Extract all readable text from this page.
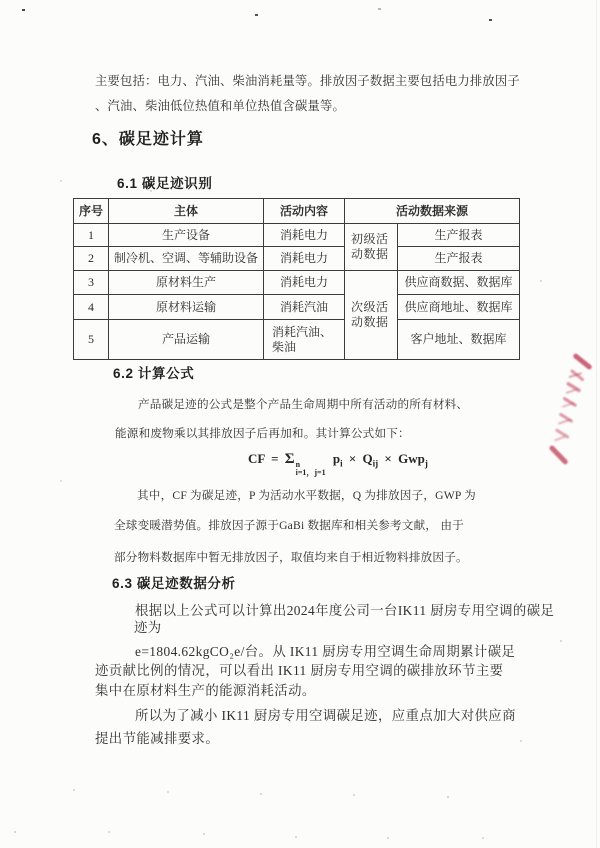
主要包括：电力、汽油、柴油消耗量等。排放因子数据主要包括电力排放因子
、汽油、柴油低位热值和单位热值含碳量等。
6、碳足迹计算
6.1 碳足迹识别
序号	主体	活动内容	活动数据来源	
1	生产设备	消耗电力	初级活动数据	生产报表
2	制冷机、空调、等辅助设备	消耗电力		生产报表
3	原材料生产	消耗电力	次级活动数据	供应商数据、数据库
4	原材料运输	消耗汽油		供应商地址、数据库
5	产品运输	消耗汽油、柴油		客户地址、数据库
6.2 计算公式
产品碳足迹的公式是整个产品生命周期中所有活动的所有材料、
能源和废物乘以其排放因子后再加和。其计算公式如下：
CF = Σ n
i=1，j=1
$p_i \times Q_{ij} \times Gwp_j$
其中，CF 为碳足迹，P 为活动水平数据，Q 为排放因子，GWP 为
全球变暖潜势值。排放因子源于GaBi 数据库和相关参考文献， 由于
部分物料数据库中暂无排放因子，取值均来自于相近物料排放因子。
6.3 碳足迹数据分析
根据以上公式可以计算出2024年度公司一台IK11 厨房专用空调的碳足
迹为
e=1804.62kgCO₂e/台。从 IK11 厨房专用空调生命周期累计碳足
迹贡献比例的情况，可以看出 IK11 厨房专用空调的碳排放环节主要
集中在原材料生产的能源消耗活动。
所以为了减小 IK11 厨房专用空调碳足迹，应重点加大对供应商
提出节能减排要求。
